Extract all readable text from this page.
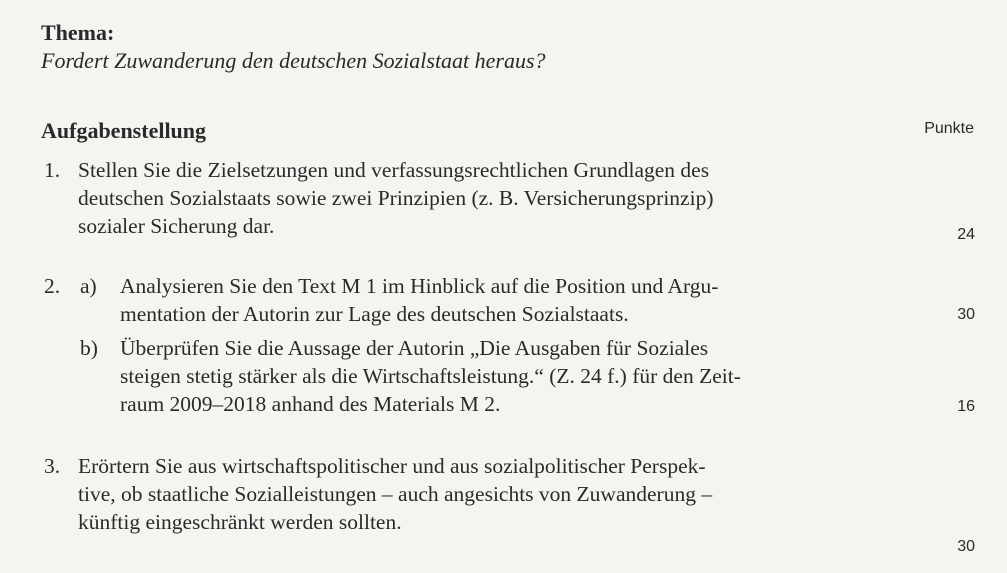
Thema:
Fordert Zuwanderung den deutschen Sozialstaat heraus?
Aufgabenstellung	Punkte
1. Stellen Sie die Zielsetzungen und verfassungsrechtlichen Grundlagen des
deutschen Sozialstaats sowie zwei Prinzipien (z. B. Versicherungsprinzip)
sozialer Sicherung dar.	24
2. a) Analysieren Sie den Text M 1 im Hinblick auf die Position und Argu-
mentation der Autorin zur Lage des deutschen Sozialstaats.
b) Überprüfen Sie die Aussage der Autorin „Die Ausgaben für Soziales
steigen stetig stärker als die Wirtschaftsleistung.“ (Z. 24 f.) für den Zeit-
raum 2009–2018 anhand des Materials M 2.
30
16
3. Erörtern Sie aus wirtschaftspolitischer und aus sozialpolitischer Perspek-
tive, ob staatliche Sozialleistungen – auch angesichts von Zuwanderung –
künftig eingeschränkt werden sollten.
30
